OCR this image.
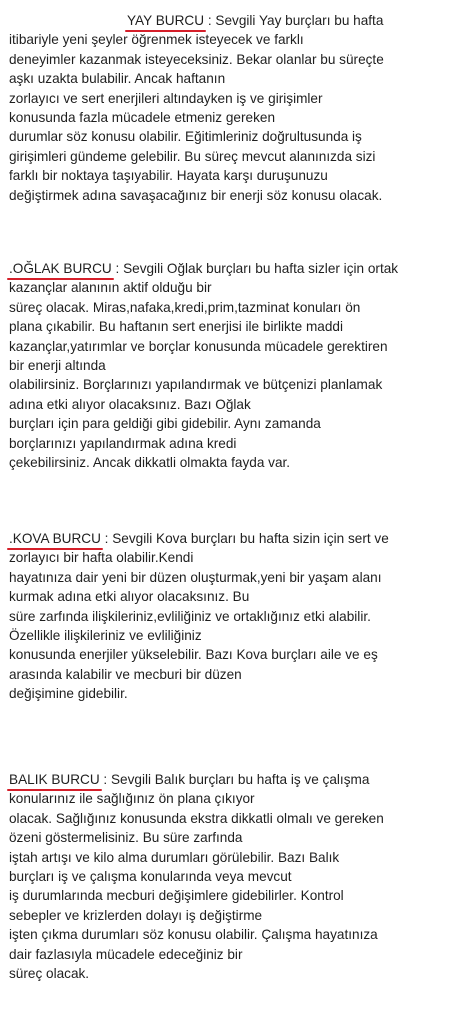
YAY BURCU
: Sevgili Yay burçları bu hafta
itibariyle yeni şeyler öğrenmek isteyecek ve farklı
deneyimler kazanmak isteyeceksiniz. Bekar olanlar bu süreçte
aşkı uzakta bulabilir. Ancak haftanın
zorlayıcı ve sert enerjileri altındayken iş ve girişimler
konusunda fazla mücadele etmeniz gereken
durumlar söz konusu olabilir. Eğitimleriniz doğrultusunda iş
girişimleri gündeme gelebilir. Bu süreç mevcut alanınızda sizi
farklı bir noktaya taşıyabilir. Hayata karşı duruşunuzu
değiştirmek adına savaşacağınız bir enerji söz konusu olacak.
.OĞLAK BURCU
: Sevgili Oğlak burçları bu hafta sizler için ortak
kazançlar alanının aktif olduğu bir
süreç olacak. Miras,nafaka,kredi,prim,tazminat konuları ön
plana çıkabilir. Bu haftanın sert enerjisi ile birlikte maddi
kazançlar,yatırımlar ve borçlar konusunda mücadele gerektiren
bir enerji altında
olabilirsiniz. Borçlarınızı yapılandırmak ve bütçenizi planlamak
adına etki alıyor olacaksınız. Bazı Oğlak
burçları için para geldiği gibi gidebilir. Aynı zamanda
borçlarınızı yapılandırmak adına kredi
çekebilirsiniz. Ancak dikkatli olmakta fayda var.
.KOVA BURCU
: Sevgili Kova burçları bu hafta sizin için sert ve
zorlayıcı bir hafta olabilir.Kendi
hayatınıza dair yeni bir düzen oluşturmak,yeni bir yaşam alanı
kurmak adına etki alıyor olacaksınız. Bu
süre zarfında ilişkileriniz,evliliğiniz ve ortaklığınız etki alabilir.
Özellikle ilişkileriniz ve evliliğiniz
konusunda enerjiler yükselebilir. Bazı Kova burçları aile ve eş
arasında kalabilir ve mecburi bir düzen
değişimine gidebilir.
BALIK BURCU
: Sevgili Balık burçları bu hafta iş ve çalışma
konularınız ile sağlığınız ön plana çıkıyor
olacak. Sağlığınız konusunda ekstra dikkatli olmalı ve gereken
özeni göstermelisiniz. Bu süre zarfında
iştah artışı ve kilo alma durumları görülebilir. Bazı Balık
burçları iş ve çalışma konularında veya mevcut
iş durumlarında mecburi değişimlere gidebilirler. Kontrol
sebepler ve krizlerden dolayı iş değiştirme
işten çıkma durumları söz konusu olabilir. Çalışma hayatınıza
dair fazlasıyla mücadele edeceğiniz bir
süreç olacak.
